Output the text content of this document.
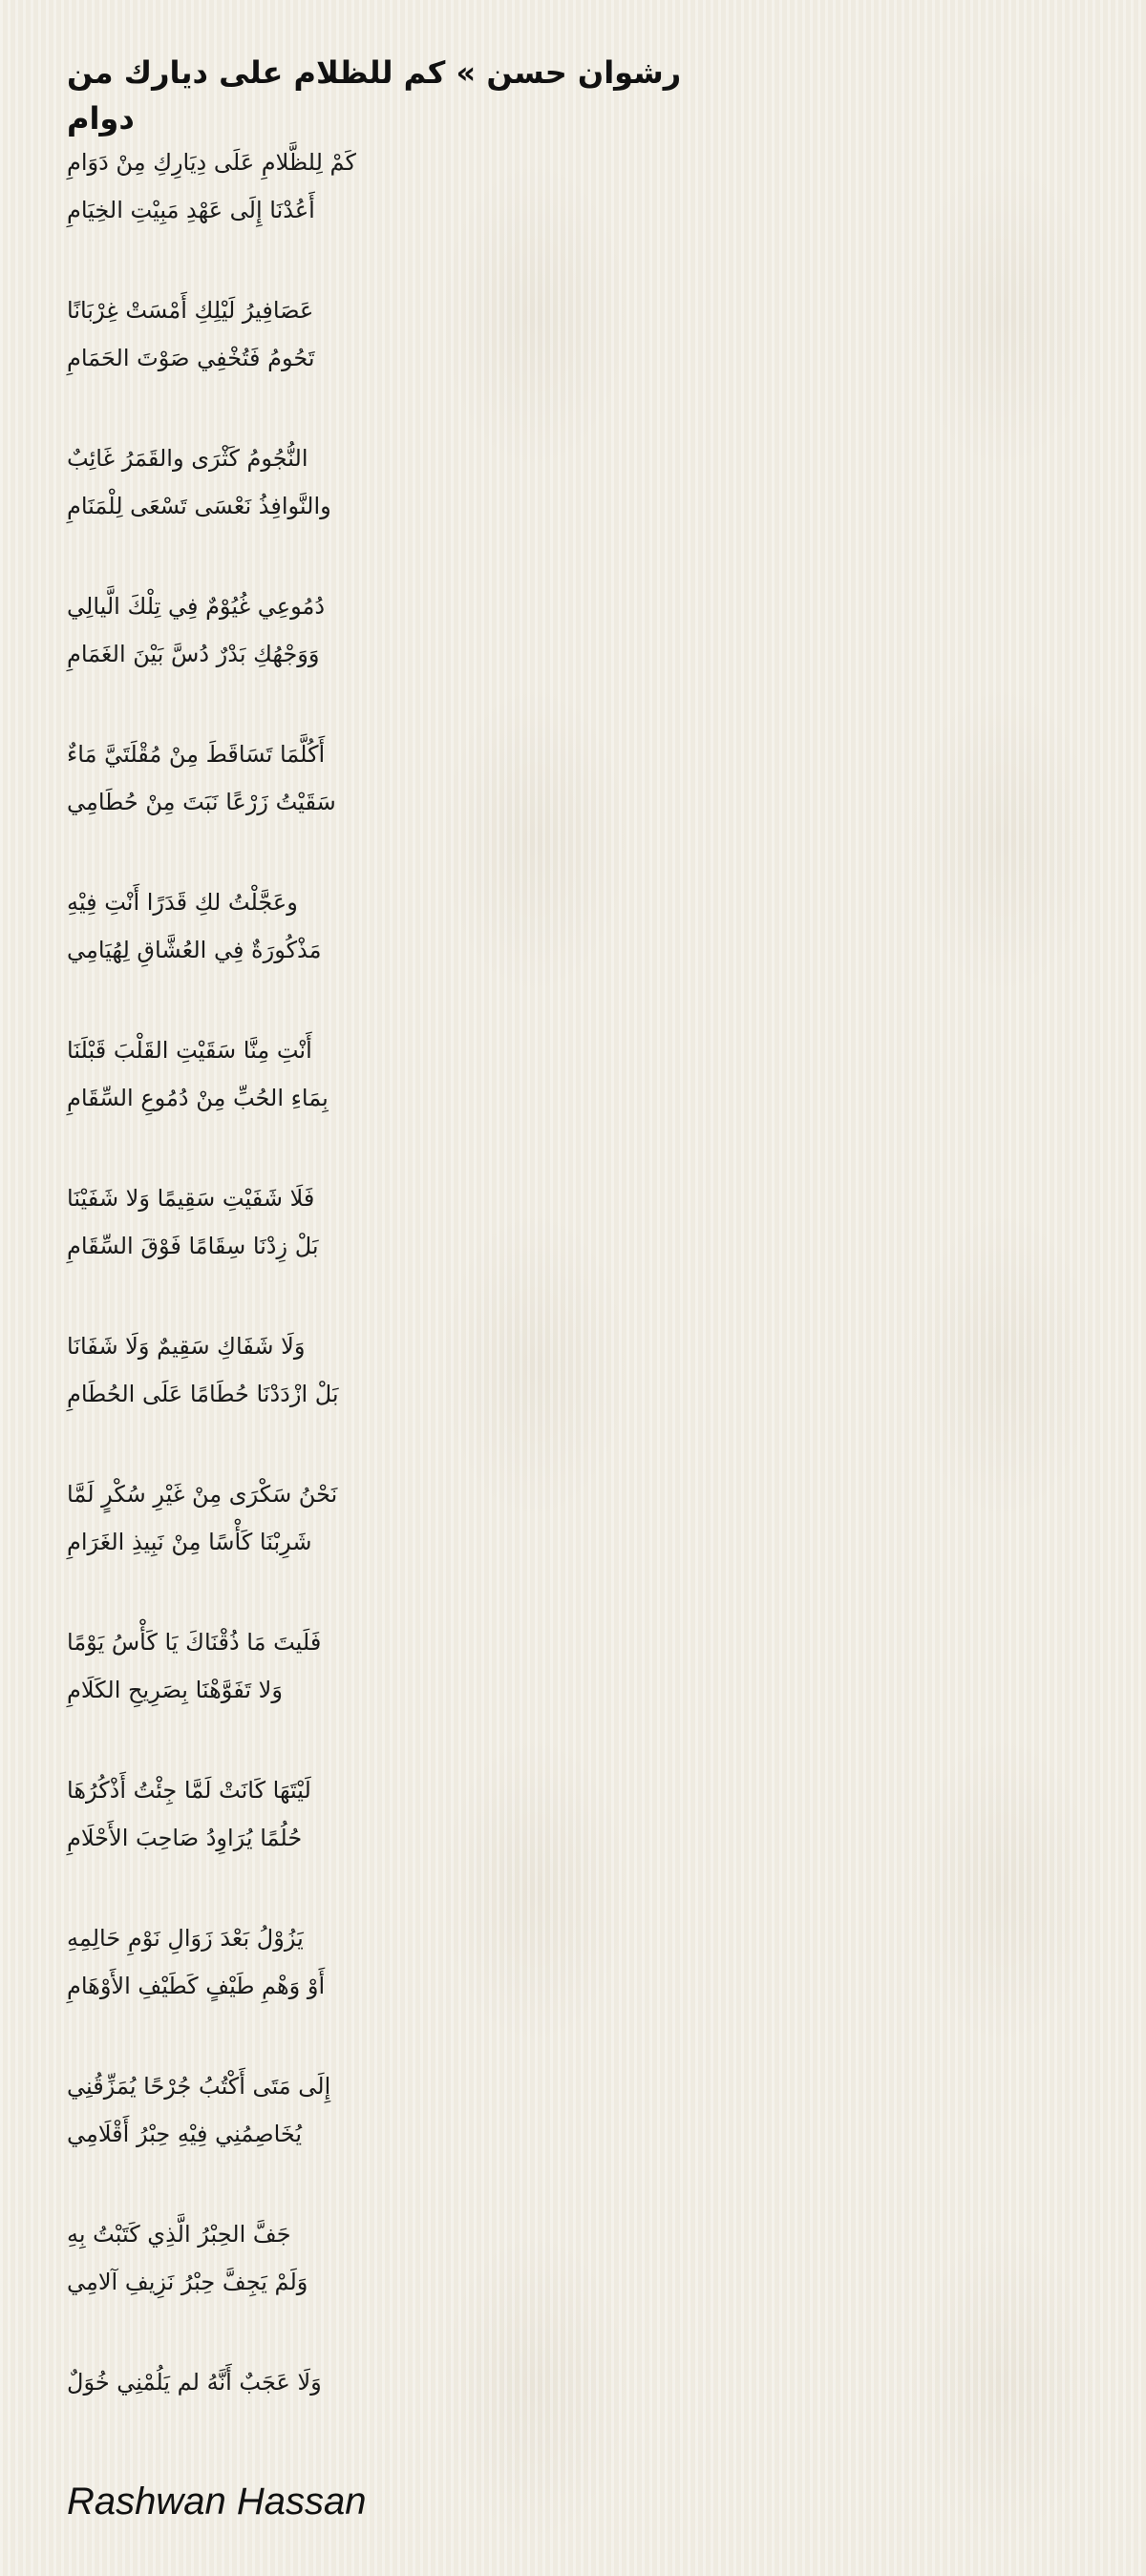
رشوان حسن » كم للظلام على ديارك من دوام
كَمْ لِلظَّلامِ عَلَى دِيَارِكِ مِنْ دَوَامِ
أَعُدْنَا إِلَى عَهْدِ مَبِيْتِ الخِيَامِ
عَصَافِيرُ لَيْلِكِ أَمْسَتْ غِرْبَانًا
تَحُومُ فَتُخْفِي صَوْتَ الحَمَامِ
النُّجُومُ كَثْرَى والقَمَرُ غَائِبٌ
والنَّوافِذُ نَعْسَى تَسْعَى لِلْمَنَامِ
دُمُوعِي غُيُوْمٌ فِي تِلْكَ الَّيالِي
وَوَجْهُكِ بَدْرٌ دُسَّ بَيْنَ الغَمَامِ
أَكُلَّمَا تَسَاقَطَ مِنْ مُقْلَتَيَّ مَاءٌ
سَقَيْتُ زَرْعًا نَبَتَ مِنْ حُطَامِي
وعَجَّلْتُ لكِ قَدَرًا أَنْتِ فِيْهِ
مَذْكُورَةٌ فِي العُشَّاقِ لِهُيَامِي
أَنْتِ مِنَّا سَقَيْتِ القَلْبَ قَبْلَنَا
بِمَاءِ الحُبِّ مِنْ دُمُوعِ السِّقَامِ
فَلَا شَفَيْتِ سَقِيمًا وَلا شَفَيْنَا
بَلْ زِدْنَا سِقَامًا فَوْقَ السِّقَامِ
وَلَا شَفَاكِ سَقِيمٌ وَلَا شَفَانَا
بَلْ ازْدَدْنَا حُطَامًا عَلَى الحُطَامِ
نَحْنُ سَكْرَى مِنْ غَيْرِ سُكْرٍ لَمَّا
شَرِبْنَا كَأْسًا مِنْ نَبِيذِ الغَرَامِ
فَلَيتَ مَا ذُقْنَاكَ يَا كَأْسُ يَوْمًا
وَلا تَفَوَّهْنَا بِصَرِيحِ الكَلَامِ
لَيْتَهَا كَانَتْ لَمَّا جِئْتُ أَذْكُرُهَا
حُلُمًا يُرَاوِدُ صَاحِبَ الأَحْلَامِ
يَزُوْلُ بَعْدَ زَوَالِ نَوْمِ حَالِمِهِ
أَوْ وَهْمِ طَيْفٍ كَطَيْفِ الأَوْهَامِ
إِلَى مَتَى أَكْتُبُ جُرْحًا يُمَزِّقُنِي
يُخَاصِمُنِي فِيْهِ حِبْرُ أَقْلَامِي
جَفَّ الحِبْرُ الَّذِي كَتَبْتُ بِهِ
وَلَمْ يَجِفَّ حِبْرُ نَزِيفِ آلامِي
وَلَا عَجَبٌ أَنَّهُ لم يَلُمْنِي خُوَلٌ
Rashwan Hassan
